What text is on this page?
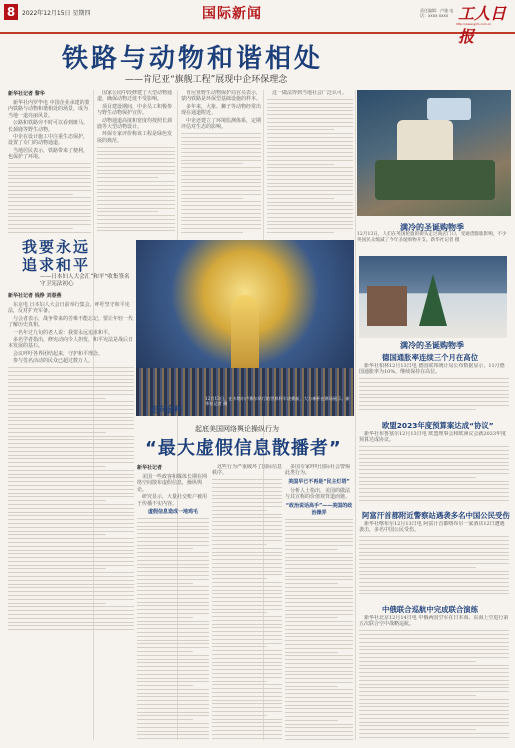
8	2022年12月15日 星期四	国际新闻	责任编辑：卢骏 电话：xxxx xxxx 工人日报
http://www.grrb.com.cn
铁路与动物和谐相处
——肯尼亚“旗舰工程”展现中企环保理念
新华社记者 黎华

新华社内罗毕电 中国企业承建的蒙内铁路与动物和谐相处的场景，成为当地一道亮丽风景。

公路和铁路旁不时可以看到斑马、长颈鹿等野生动物。

中企在设计施工中注重生态保护，设置了专门的动物通道。

当地居民表示，铁路带来了便利，也保护了环境。

国家公园中段修建了大型动物通道，确保动物迁徙不受影响。

项目建设期间，中企员工积极参与野生动物保护宣传。

动物通道高度和宽度均按照长颈鹿等大型动物设计。

环保专家评价称该工程是绿色发展的典范。

肯尼亚野生动物保护局官员表示，蒙内铁路是环保型基础设施的样本。

多年来，大象、狮子等动物经常出现在通道附近。

中企还建立了环境监测体系，定期评估对生态的影响。

这一做法得到当地社会广泛认可。

满冷的圣诞购物季
12月13日，人们在英国伦敦的街头走过商店门口，受通货膨胀影响，不少英国民众缩减了今年圣诞购物开支。新华社记者 摄
我要永远
追求和平
——日本妇人大会汇“和平”收集签名守卫宪法初心
新华社记者 钱铮 刘春燕

东京电 日本妇人大会日前举行集会，呼吁坚守和平宪法，反对扩充军备。

与会者表示，战争带来的苦难不能忘记，要让年轻一代了解历史真相。

一名年过九旬的老人说：我要永远追求和平。

多名学者指出，修宪动向令人担忧，和平宪法是战后日本发展的基石。

会议呼吁各界团结起来，守护和平理念。

参与签名活动的民众已超过数万人。

走向金杯
12月13日，在卡塔尔卢赛尔举行的世界杯半决赛前，大力神杯在赛场展示。新华社记者 摄
起底美国网络舆论操纵行为
“最大虚假信息散播者”
新华社记者

美国一些政客和媒体长期在网络空间散布虚假信息，操纵舆论。

研究显示，大量社交账户被用于传播不实内容。

虚假信息造成一地鸡毛

这些行为严重破坏了国际信息秩序。

多国专家呼吁国际社会警惕此类行为。

美国早已不再是“民主灯塔”

分析人士指出，美国的做法与其宣称的价值观背道而驰。

“政治说话高手”——美国的政治操弄
满冷的圣诞购物季
德国通胀率连续三个月在高位

新华社柏林12月13日电 德国联邦统计局公布数据显示，11月德国通胀率为10%，继续保持在高位。

欧盟2023年度预算案达成“协议”

新华社布鲁塞尔12月13日电 欧盟理事会和欧洲议会就2023年度预算达成协议。

阿富汗首都附近警察站遇袭多名中国公民受伤

新华社喀布尔12月13日电 阿富汗首都喀布尔一家酒店12日遭遇袭击，多名中国公民受伤。

中俄联合巡航中完成联合演练

新华社北京12月14日电 中俄两国空军在日本海、东海上空进行第五次联合空中战略巡航。
